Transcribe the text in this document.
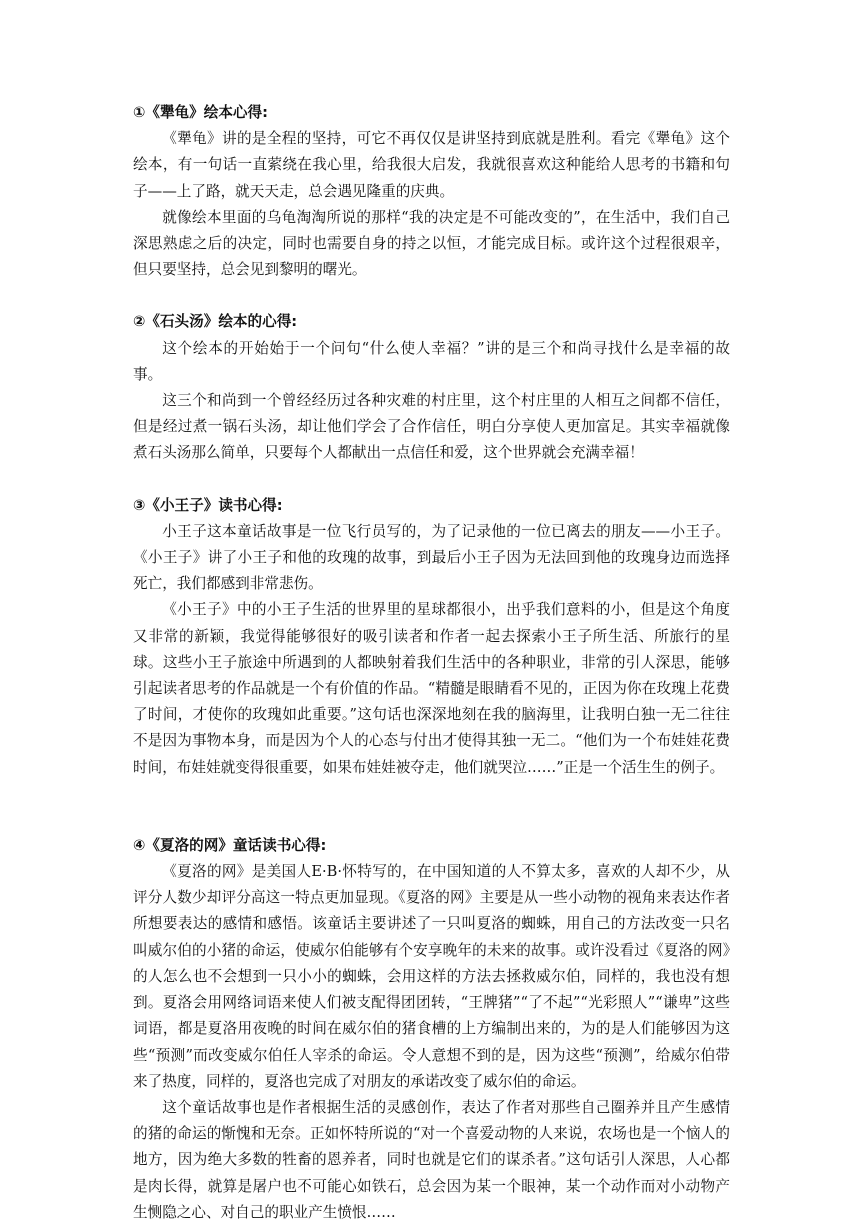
①《犟龟》绘本心得:

《犟龟》讲的是全程的坚持，可它不再仅仅是讲坚持到底就是胜利。看完《犟龟》这个绘本，有一句话一直萦绕在我心里，给我很大启发，我就很喜欢这种能给人思考的书籍和句子——上了路，就天天走，总会遇见隆重的庆典。

就像绘本里面的乌龟淘淘所说的那样“我的决定是不可能改变的”，在生活中，我们自己深思熟虑之后的决定，同时也需要自身的持之以恒，才能完成目标。或许这个过程很艰辛，但只要坚持，总会见到黎明的曙光。

②《石头汤》绘本的心得:

这个绘本的开始始于一个问句“什么使人幸福？”讲的是三个和尚寻找什么是幸福的故事。

这三个和尚到一个曾经经历过各种灾难的村庄里，这个村庄里的人相互之间都不信任，但是经过煮一锅石头汤，却让他们学会了合作信任，明白分享使人更加富足。其实幸福就像煮石头汤那么简单，只要每个人都献出一点信任和爱，这个世界就会充满幸福！

③《小王子》读书心得:

小王子这本童话故事是一位飞行员写的，为了记录他的一位已离去的朋友——小王子。《小王子》讲了小王子和他的玫瑰的故事，到最后小王子因为无法回到他的玫瑰身边而选择死亡，我们都感到非常悲伤。

《小王子》中的小王子生活的世界里的星球都很小，出乎我们意料的小，但是这个角度又非常的新颖，我觉得能够很好的吸引读者和作者一起去探索小王子所生活、所旅行的星球。这些小王子旅途中所遇到的人都映射着我们生活中的各种职业，非常的引人深思，能够引起读者思考的作品就是一个有价值的作品。“精髓是眼睛看不见的，正因为你在玫瑰上花费了时间，才使你的玫瑰如此重要。”这句话也深深地刻在我的脑海里，让我明白独一无二往往不是因为事物本身，而是因为个人的心态与付出才使得其独一无二。“他们为一个布娃娃花费时间，布娃娃就变得很重要，如果布娃娃被夺走，他们就哭泣……”正是一个活生生的例子。

④《夏洛的网》童话读书心得:

《夏洛的网》是美国人E·B·怀特写的，在中国知道的人不算太多，喜欢的人却不少，从评分人数少却评分高这一特点更加显现。《夏洛的网》主要是从一些小动物的视角来表达作者所想要表达的感情和感悟。该童话主要讲述了一只叫夏洛的蜘蛛，用自己的方法改变一只名叫威尔伯的小猪的命运，使威尔伯能够有个安享晚年的未来的故事。或许没看过《夏洛的网》的人怎么也不会想到一只小小的蜘蛛，会用这样的方法去拯救威尔伯，同样的，我也没有想到。夏洛会用网络词语来使人们被支配得团团转，“王牌猪”“了不起”“光彩照人”“谦卑”这些词语，都是夏洛用夜晚的时间在威尔伯的猪食槽的上方编制出来的，为的是人们能够因为这些“预测”而改变威尔伯任人宰杀的命运。令人意想不到的是，因为这些“预测”，给威尔伯带来了热度，同样的，夏洛也完成了对朋友的承诺改变了威尔伯的命运。

这个童话故事也是作者根据生活的灵感创作，表达了作者对那些自己圈养并且产生感情的猪的命运的惭愧和无奈。正如怀特所说的“对一个喜爱动物的人来说，农场也是一个恼人的地方，因为绝大多数的牲畜的恩养者，同时也就是它们的谋杀者。”这句话引人深思，人心都是肉长得，就算是屠户也不可能心如铁石，总会因为某一个眼神，某一个动作而对小动物产生恻隐之心、对自己的职业产生愤恨……
